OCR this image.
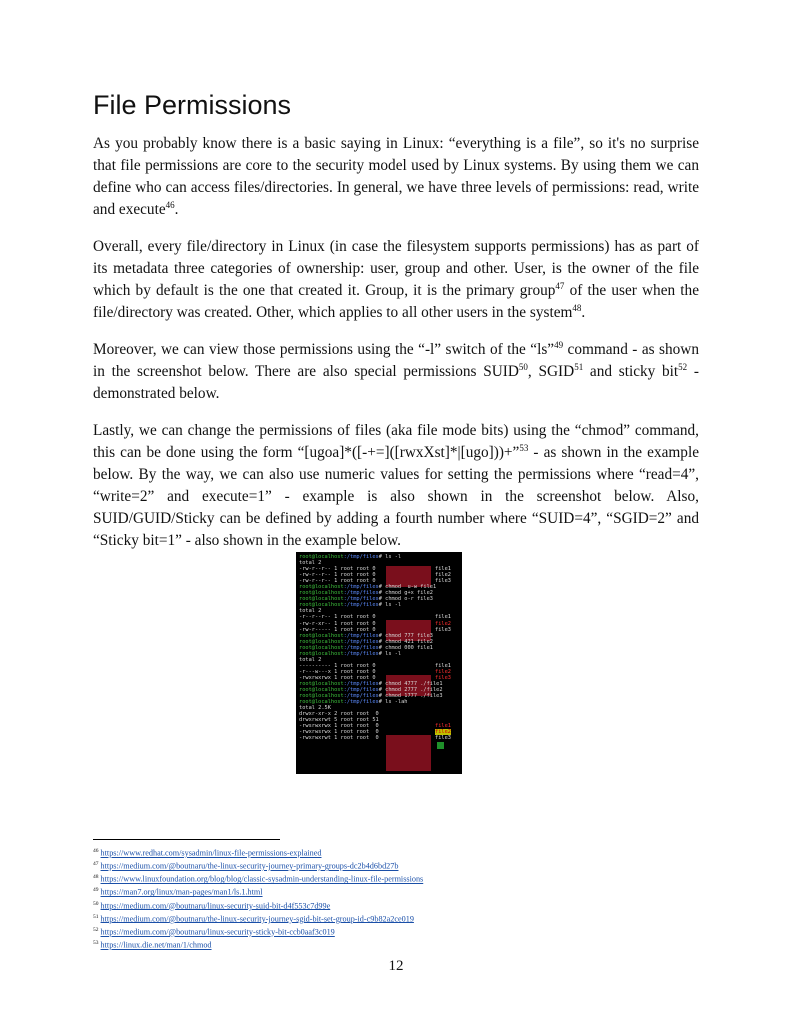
File Permissions

As you probably know there is a basic saying in Linux: “everything is a file”, so it's no surprise that file permissions are core to the security model used by Linux systems. By using them we can define who can access files/directories. In general, we have three levels of permissions: read, write and execute$^{46}$.

Overall, every file/directory in Linux (in case the filesystem supports permissions) has as part of its metadata three categories of ownership: user, group and other. User, is the owner of the file which by default is the one that created it. Group, it is the primary group$^{47}$ of the user when the file/directory was created. Other, which applies to all other users in the system$^{48}$.

Moreover, we can view those permissions using the “-l” switch of the “ls”$^{49}$ command - as shown in the screenshot below. There are also special permissions SUID$^{50}$, SGID$^{51}$ and sticky bit$^{52}$ - demonstrated below.

Lastly, we can change the permissions of files (aka file mode bits) using the “chmod” command, this can be done using the form “[ugoa]*([-+=]([rwxXst]*|[ugo]))+”$^{53}$ - as shown in the example below. By the way, we can also use numeric values for setting the permissions where “read=4”, “write=2” and execute=1” - example is also shown in the screenshot below. Also, SUID/GUID/Sticky can be defined by adding a fourth number where “SUID=4”, “SGID=2” and “Sticky bit=1” - also shown in the example below.

root@localhost:/tmp/files# ls -l
total 2
-rw-r--r-- 1 root root 0	file1
-rw-r--r-- 1 root root 0	file2
-rw-r--r-- 1 root root 0	file3
root@localhost:/tmp/files# chmod  u-w file1
root@localhost:/tmp/files# chmod g+x file2
root@localhost:/tmp/files# chmod o-r file3
root@localhost:/tmp/files# ls -l
total 2
-r--r--r-- 1 root root 0	file1
-rw-r-xr-- 1 root root 0	file2
-rw-r----- 1 root root 0	file3
root@localhost:/tmp/files# chmod 777 file3
root@localhost:/tmp/files# chmod 421 file2
root@localhost:/tmp/files# chmod 000 file1
root@localhost:/tmp/files# ls -l
total 2
---------- 1 root root 0	file1
-r---w---x 1 root root 0	file2
-rwxrwxrwx 1 root root 0	file3
root@localhost:/tmp/files# chmod 4777 ./file1
root@localhost:/tmp/files# chmod 2777 ./file2
root@localhost:/tmp/files# chmod 1777 ./file3
root@localhost:/tmp/files# ls -lah
total 2.5K
drwxr-xr-x 2 root root  0
drwxrwxrwt 5 root root 51
-rwsrwxrwx 1 root root  0	file1
-rwxrwsrwx 1 root root  0	file2
-rwxrwxrwt 1 root root  0	file3
$^{46}$ https://www.redhat.com/sysadmin/linux-file-permissions-explained
$^{47}$ https://medium.com/@boutnaru/the-linux-security-journey-primary-groups-dc2b4d6bd27b
$^{48}$ https://www.linuxfoundation.org/blog/blog/classic-sysadmin-understanding-linux-file-permissions
$^{49}$ https://man7.org/linux/man-pages/man1/ls.1.html
$^{50}$ https://medium.com/@boutnaru/linux-security-suid-bit-d4f553c7d99e
$^{51}$ https://medium.com/@boutnaru/the-linux-security-journey-sgid-bit-set-group-id-c9b82a2ce019
$^{52}$ https://medium.com/@boutnaru/linux-security-sticky-bit-ccb0aaf3c019
$^{53}$ https://linux.die.net/man/1/chmod
12
